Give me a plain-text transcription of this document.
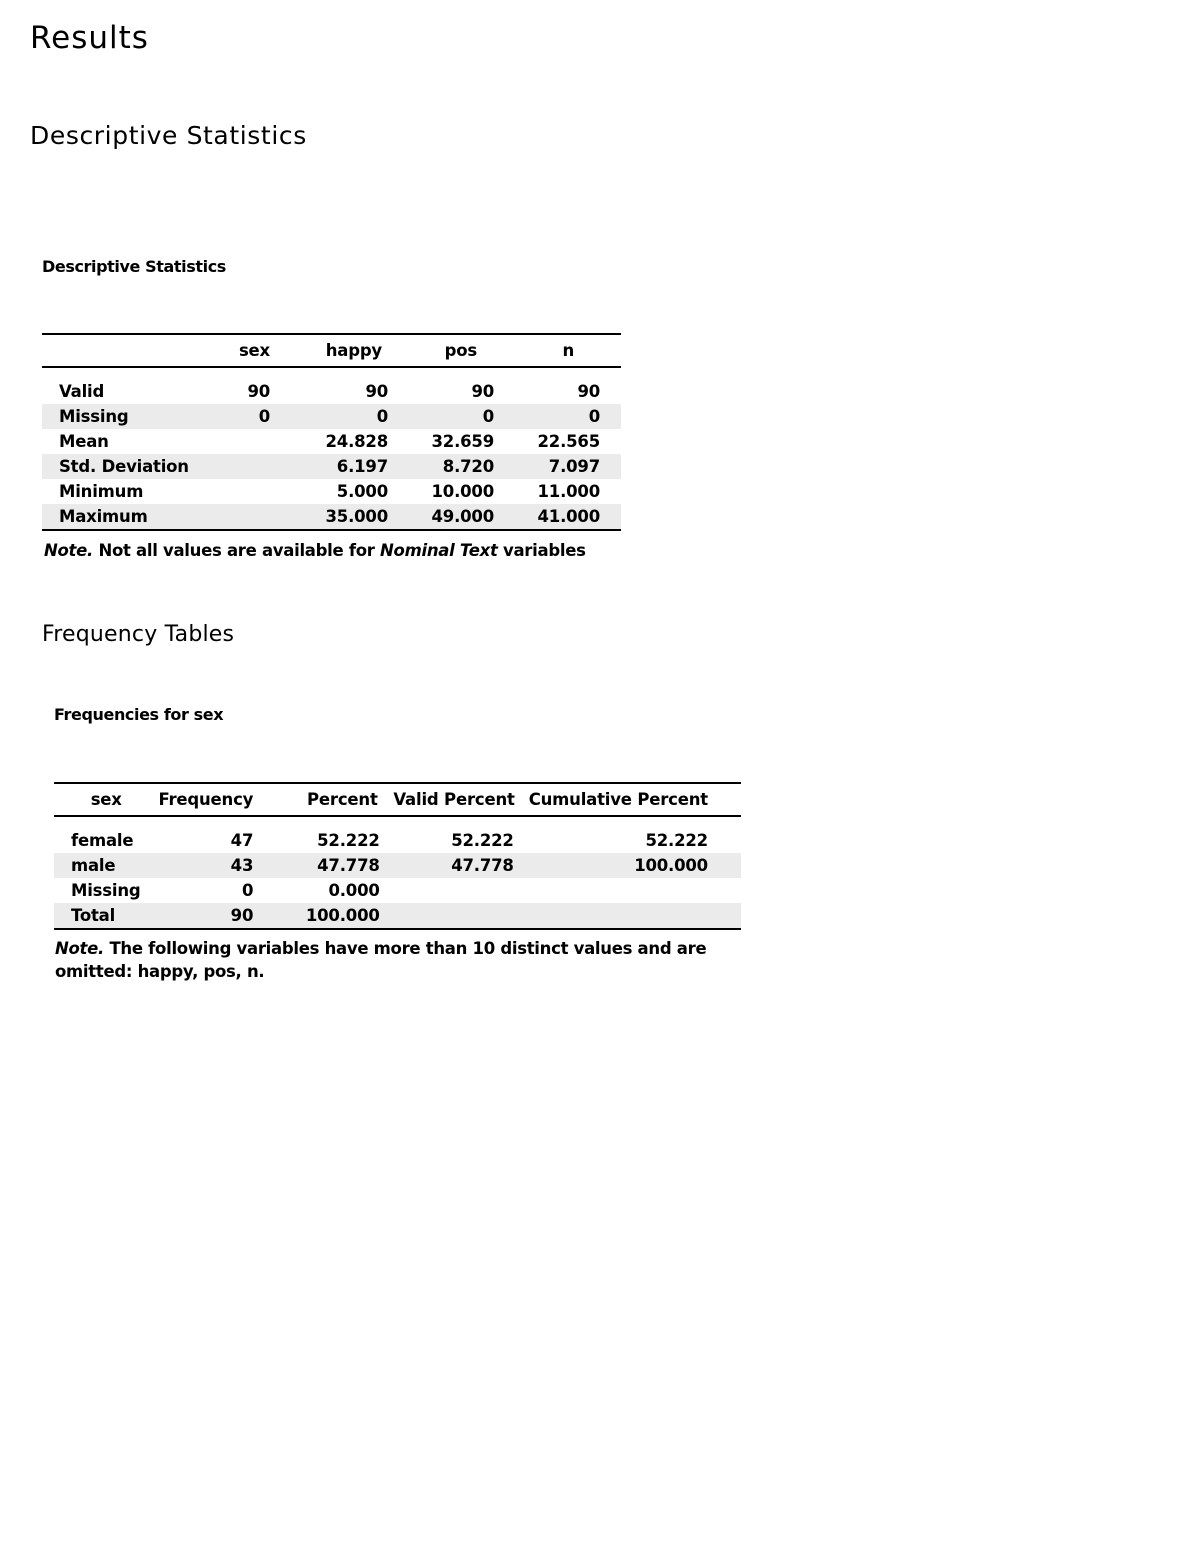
Results
Descriptive Statistics
Descriptive Statistics
	sex	happy	pos	n	

Valid	90	90	90	90	
Missing	0	0	0	0	
Mean		24.828	32.659	22.565	
Std. Deviation		6.197	8.720	7.097	
Minimum		5.000	10.000	11.000	
Maximum		35.000	49.000	41.000	

Note. Not all values are available for Nominal Text variables

Frequency Tables
Frequencies for sex
sex	Frequency	Percent	Valid Percent	Cumulative Percent	

female	47	52.222	52.222	52.222	
male	43	47.778	47.778	100.000	
Missing	0	0.000			
Total	90	100.000			

Note. The following variables have more than 10 distinct values and are
omitted: happy, pos, n.
